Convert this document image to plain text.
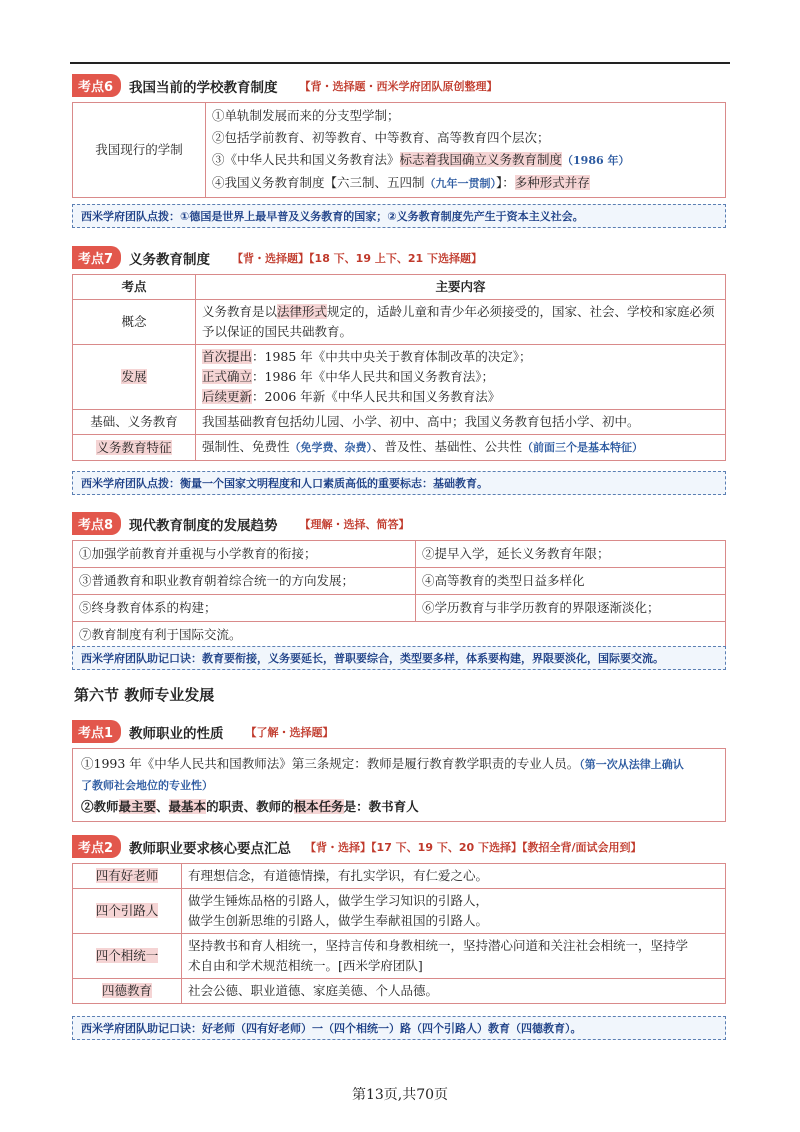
考点6	我国当前的学校教育制度 【背・选择题・西米学府团队原创整理】
我国现行的学制	
①单轨制发展而来的分支型学制；
②包括学前教育、初等教育、中等教育、高等教育四个层次；
③《中华人民共和国义务教育法》标志着我国确立义务教育制度（1986 年）
④我国义务教育制度【六三制、五四制（九年一贯制）】：多种形式并存
西米学府团队点拨：①德国是世界上最早普及义务教育的国家；②义务教育制度先产生于资本主义社会。
考点7	义务教育制度 【背・选择题】【18 下、19 上下、21 下选择题】
考点	主要内容
概念	义务教育是以法律形式规定的，适龄儿童和青少年必须接受的，国家、社会、学校和家庭必须予以保证的国民共础教育。
发展	首次提出：1985 年《中共中央关于教育体制改革的决定》；
正式确立：1986 年《中华人民共和国义务教育法》；
后续更新：2006 年新《中华人民共和国义务教育法》

基础、义务教育	我国基础教育包括幼儿园、小学、初中、高中；我国义务教育包括小学、初中。
义务教育特征	强制性、免费性（免学费、杂费）、普及性、基础性、公共性（前面三个是基本特征）
西米学府团队点拨：衡量一个国家文明程度和人口素质高低的重要标志：基础教育。
考点8	现代教育制度的发展趋势 【理解・选择、简答】
①加强学前教育并重视与小学教育的衔接；	②提早入学，延长义务教育年限；
③普通教育和职业教育朝着综合统一的方向发展；	④高等教育的类型日益多样化
⑤终身教育体系的构建；	⑥学历教育与非学历教育的界限逐渐淡化；
⑦教育制度有利于国际交流。	
西米学府团队助记口诀：教育要衔接，义务要延长，普职要综合，类型要多样，体系要构建，界限要淡化，国际要交流。
第六节 教师专业发展
考点1	教师职业的性质 【了解・选择题】
①1993 年《中华人民共和国教师法》第三条规定：教师是履行教育教学职责的专业人员。（第一次从法律上确认
了教师社会地位的专业性）
②教师最主要、最基本的职责、教师的根本任务是：教书育人
考点2	教师职业要求核心要点汇总 【背・选择】【17 下、19 下、20 下选择】【教招全背/面试会用到】
四有好老师	有理想信念，有道德情操，有扎实学识，有仁爱之心。
四个引路人	做学生锤炼品格的引路人，做学生学习知识的引路人，
做学生创新思维的引路人，做学生奉献祖国的引路人。

四个相统一	坚持教书和育人相统一，坚持言传和身教相统一，坚持潜心问道和关注社会相统一，坚持学
术自由和学术规范相统一。[西米学府团队]

四德教育	社会公德、职业道德、家庭美德、个人品德。
西米学府团队助记口诀：好老师（四有好老师）一（四个相统一）路（四个引路人）教育（四德教育）。
第13页,共70页
